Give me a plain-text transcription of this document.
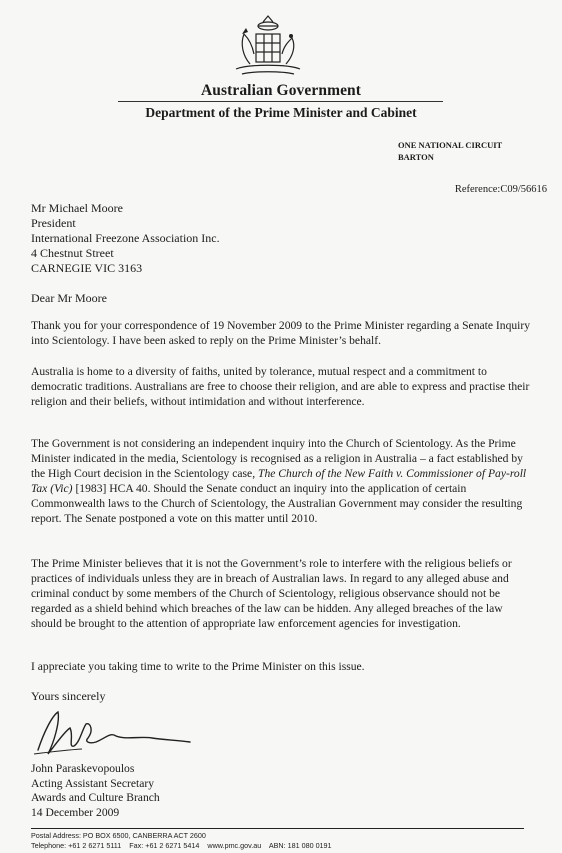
Australian Government
Department of the Prime Minister and Cabinet
ONE NATIONAL CIRCUIT
BARTON
Reference:C09/56616
Mr Michael Moore
President
International Freezone Association Inc.
4 Chestnut Street
CARNEGIE VIC 3163
Dear Mr Moore

Thank you for your correspondence of 19 November 2009 to the Prime Minister regarding a Senate Inquiry into Scientology. I have been asked to reply on the Prime Minister’s behalf.

Australia is home to a diversity of faiths, united by tolerance, mutual respect and a commitment to democratic traditions. Australians are free to choose their religion, and are able to express and practise their religion and their beliefs, without intimidation and without interference.

The Government is not considering an independent inquiry into the Church of Scientology. As the Prime Minister indicated in the media, Scientology is recognised as a religion in Australia – a fact established by the High Court decision in the Scientology case, The Church of the New Faith v. Commissioner of Pay-roll Tax (Vic) [1983] HCA 40. Should the Senate conduct an inquiry into the application of certain Commonwealth laws to the Church of Scientology, the Australian Government may consider the resulting report. The Senate postponed a vote on this matter until 2010.

The Prime Minister believes that it is not the Government’s role to interfere with the religious beliefs or practices of individuals unless they are in breach of Australian laws. In regard to any alleged abuse and criminal conduct by some members of the Church of Scientology, religious observance should not be regarded as a shield behind which breaches of the law can be hidden. Any alleged breaches of the law should be brought to the attention of appropriate law enforcement agencies for investigation.

I appreciate you taking time to write to the Prime Minister on this issue.

Yours sincerely
John Paraskevopoulos
Acting Assistant Secretary
Awards and Culture Branch
14 December 2009
Postal Address: PO BOX 6500, CANBERRA ACT 2600
Telephone: +61 2 6271 5111 Fax: +61 2 6271 5414 www.pmc.gov.au ABN: 181 080 0191
